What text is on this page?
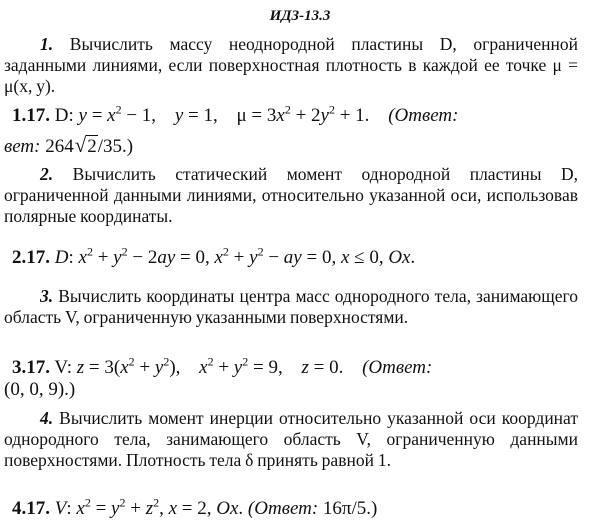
ИДЗ-13.3
1. Вычислить массу неоднородной пластины D, ограниченной заданными линиями, если поверхностная плотность в каждой ее точке μ = μ(x, y).
1.17. D: $y = x^2 - 1$, y = 1, $\mu = 3x^2 + 2y^2 + 1$. (Ответ:
вет: 264√2/35.)
2. Вычислить статический момент однородной пластины D, ограниченной данными линиями, относительно указанной оси, использовав полярные координаты.
2.17. D: $x^2 + y^2 - 2ay = 0$, $x^2 + y^2$ − ay = 0, x ≤ 0, Ox.
3. Вычислить координаты центра масс однородного тела, занимающего область V, ограниченную указанными поверхностями.
3.17. V: $z = 3(x^2 + y^2)$, $x^2 + y^2 = 9$, z = 0. (Ответ:
(0, 0, 9).)
4. Вычислить момент инерции относительно указанной оси координат однородного тела, занимающего область V, ограниченную данными поверхностями. Плотность тела δ принять равной 1.
4.17. V: $x^2 = y^2 + z^2$, x = 2, Ox. (Ответ: 16π/5.)
